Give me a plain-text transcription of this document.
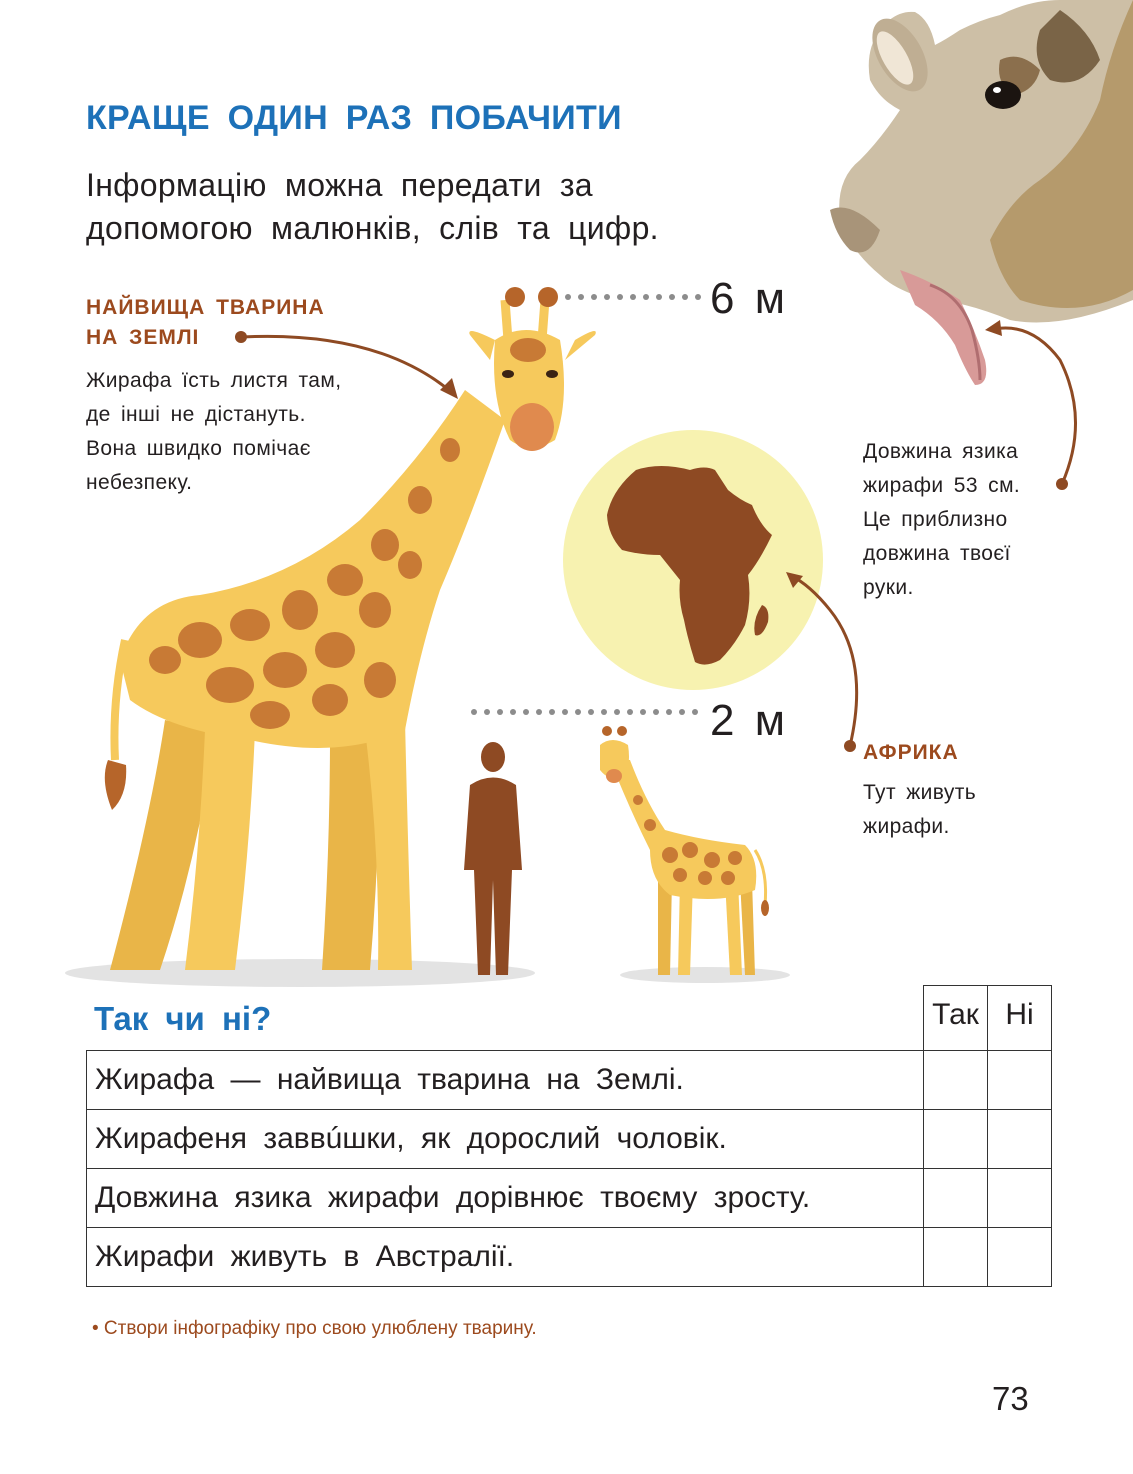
КРАЩЕ ОДИН РАЗ ПОБАЧИТИ
Інформацію можна передати за
допомогою малюнків, слів та цифр.
НАЙВИЩА ТВАРИНА
НА ЗЕМЛІ
Жирафа їсть листя там,
де інші не дістануть.
Вона швидко помічає
небезпеку.
Довжина язика
жирафи 53 см.
Це приблизно
довжина твоєї
руки.
АФРИКА
Тут живуть
жирафи.
6 м
2 м
Так чи ні?
		Так	Ні
Жирафа — найвища тварина на Землі.		
Жирафеня заввúшки, як дорослий чоловік.		
Довжина язика жирафи дорівнює твоєму зросту.		
Жирафи живуть в Австралії.		
• Створи інфографіку про свою улюблену тварину.
73
